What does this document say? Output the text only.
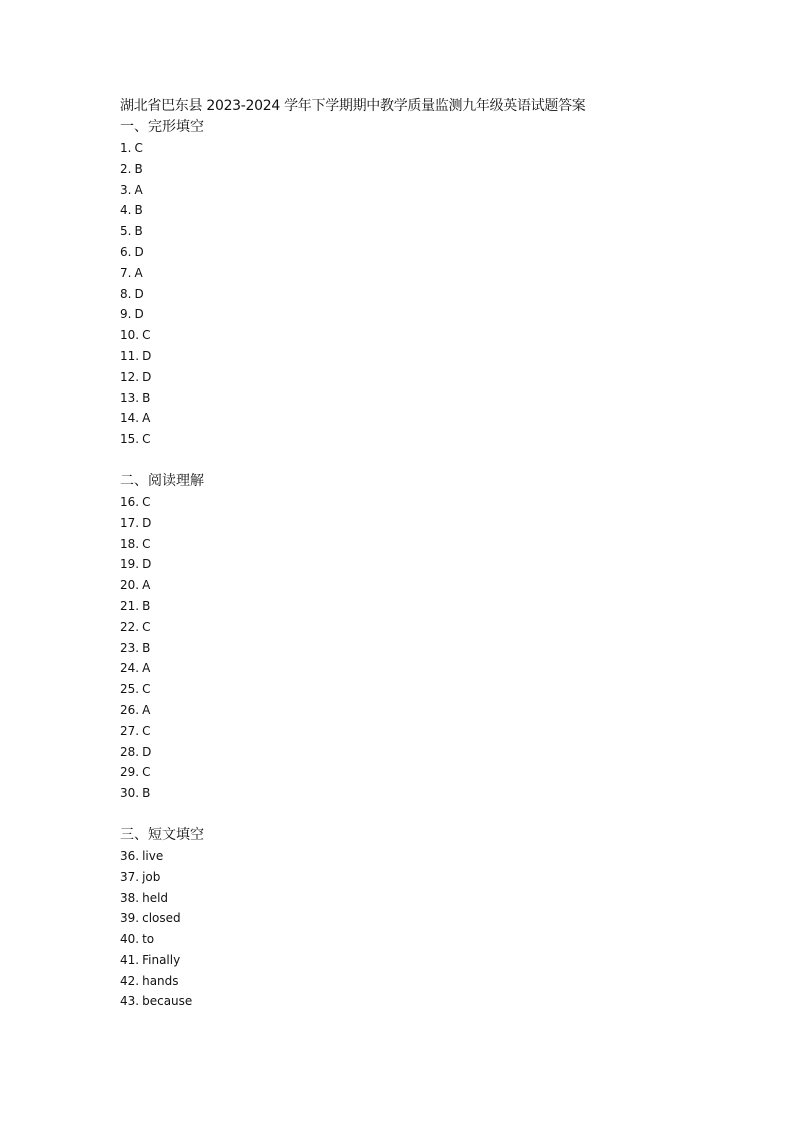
湖北省巴东县 2023-2024 学年下学期期中教学质量监测九年级英语试题答案
一、完形填空
1. C
2. B
3. A
4. B
5. B
6. D
7. A
8. D
9. D
10. C
11. D
12. D
13. B
14. A
15. C
二、阅读理解
16. C
17. D
18. C
19. D
20. A
21. B
22. C
23. B
24. A
25. C
26. A
27. C
28. D
29. C
30. B
三、短文填空
36. live
37. job
38. held
39. closed
40. to
41. Finally
42. hands
43. because
